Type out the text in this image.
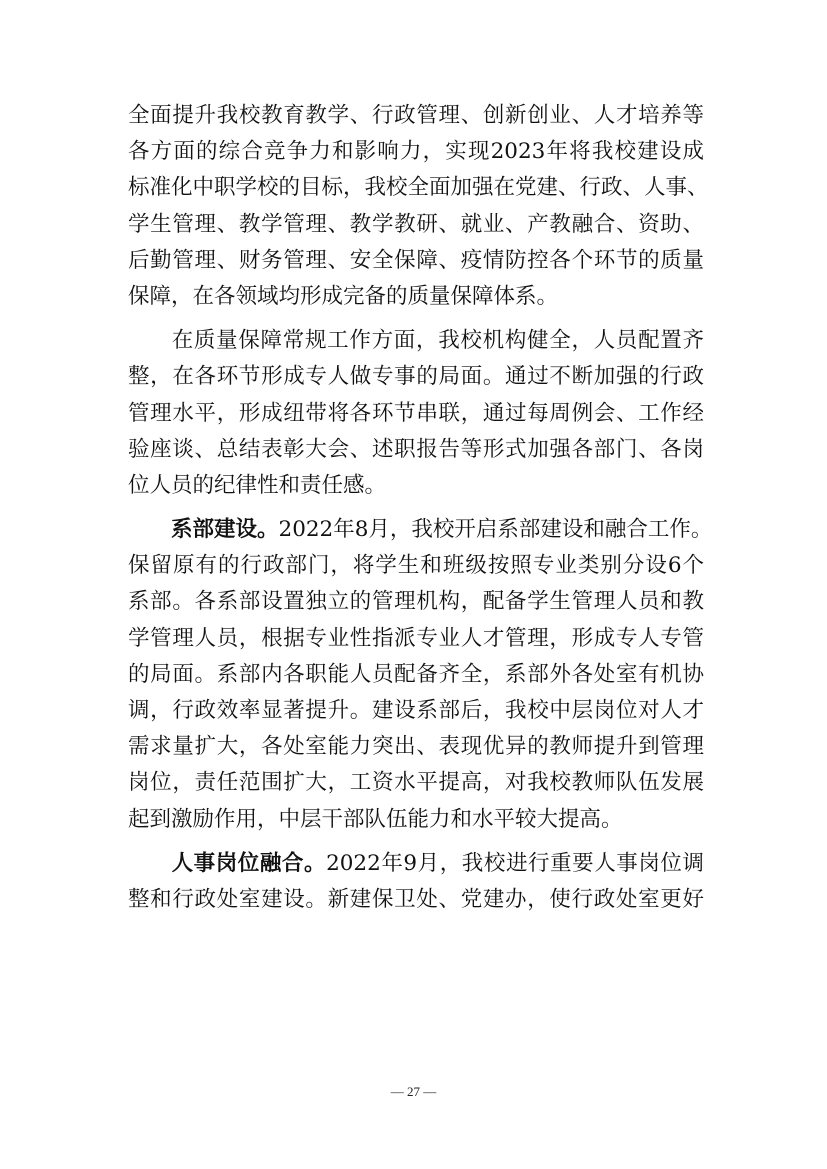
全面提升我校教育教学、行政管理、创新创业、人才培养等
各方面的综合竞争力和影响力，实现2023年将我校建设成
标准化中职学校的目标，我校全面加强在党建、行政、人事、
学生管理、教学管理、教学教研、就业、产教融合、资助、
后勤管理、财务管理、安全保障、疫情防控各个环节的质量
保障，在各领域均形成完备的质量保障体系。
在质量保障常规工作方面，我校机构健全，人员配置齐
整，在各环节形成专人做专事的局面。通过不断加强的行政
管理水平，形成纽带将各环节串联，通过每周例会、工作经
验座谈、总结表彰大会、述职报告等形式加强各部门、各岗
位人员的纪律性和责任感。
系部建设。2022年8月，我校开启系部建设和融合工作。
保留原有的行政部门，将学生和班级按照专业类别分设6个
系部。各系部设置独立的管理机构，配备学生管理人员和教
学管理人员，根据专业性指派专业人才管理，形成专人专管
的局面。系部内各职能人员配备齐全，系部外各处室有机协
调，行政效率显著提升。建设系部后，我校中层岗位对人才
需求量扩大，各处室能力突出、表现优异的教师提升到管理
岗位，责任范围扩大，工资水平提高，对我校教师队伍发展
起到激励作用，中层干部队伍能力和水平较大提高。
人事岗位融合。2022年9月，我校进行重要人事岗位调
整和行政处室建设。新建保卫处、党建办，使行政处室更好
— 27 —
